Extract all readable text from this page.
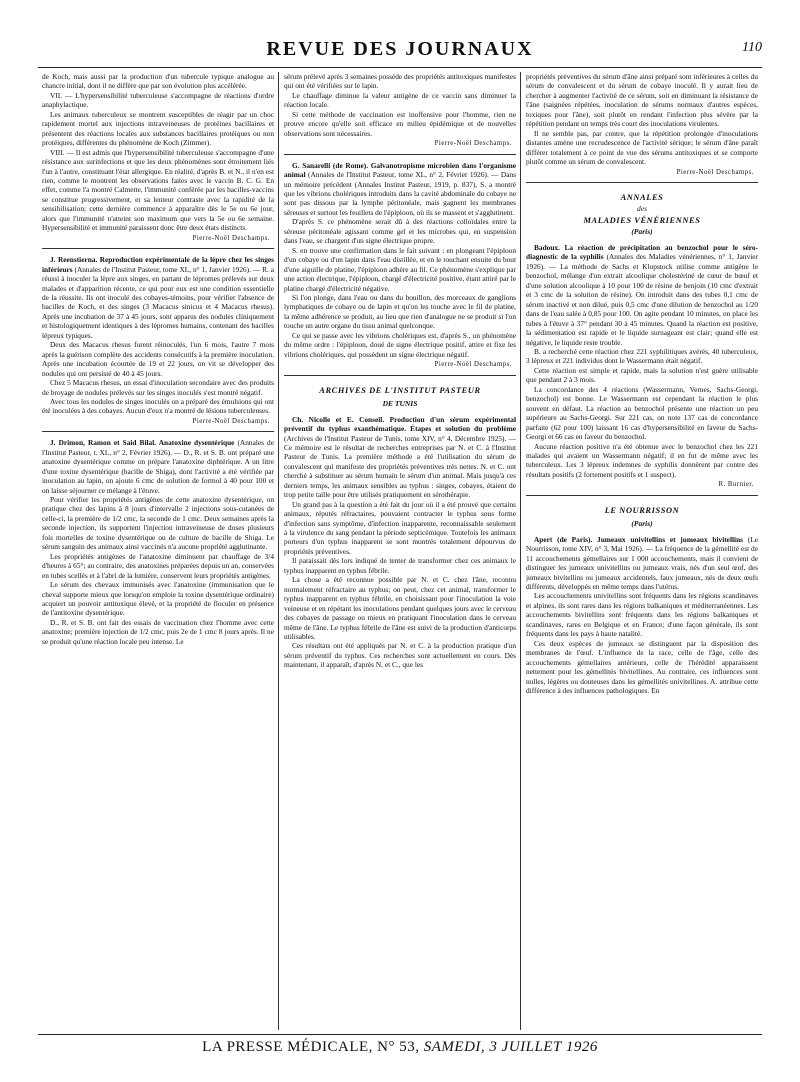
REVUE DES JOURNAUX	110

de Koch, mais aussi par la production d'un tubercule typique analogue au chancre initial, dont il ne diffère que par son évolution plus accélérée.

VII. — L'hypersensibilité tuberculeuse s'accompagne de réactions d'ordre anaphylactique.

Les animaux tuberculeux se montrent susceptibles de réagir par un choc rapidement mortel aux injections intraveineuses de protéines bacillaires et présentent des réactions locales aux substances bacillaires protéiques ou non protéiques, différentes du phénomène de Koch (Zimmer).

VIII. — Il est admis que l'hypersensibilité tuberculeuse s'accompagne d'une résistance aux surinfections et que les deux phénomènes sont étroitement liés l'un à l'autre, constituant l'état allergique. En réalité, d'après B. et N., il n'en est rien, comme le montrent les observations faites avec le vaccin B. C. G. En effet, comme l'a montré Calmette, l'immunité conférée par les bacilles-vaccins se constitue progressivement, et sa lenteur contraste avec la rapidité de la sensibilisation; cette dernière commence à apparaître dès le 5e ou 6e jour, alors que l'immunité n'atteint son maximum que vers la 5e ou 6e semaine. Hypersensibilité et immunité paraissent donc être deux états distincts.

Pierre-Noël Deschamps.

J. Reenstierna. Reproduction expérimentale de la lèpre chez les singes inférieurs (Annales de l'Institut Pasteur, tome XL, n° 1, Janvier 1926). — R. a réussi à inoculer la lèpre aux singes, en partant de lépromes prélevés sur deux malades et d'apparition récente, ce qui pour eux est une condition essentielle de la réussite. Ils ont inoculé des cobayes-témoins, pour vérifier l'absence de bacilles de Koch, et des singes (3 Macacus sinicus et 4 Macacus rhesus). Après une incubation de 37 à 45 jours, sont apparus des nodules cliniquement et histologiquement identiques à des lépromes humains, contenant des bacilles lépreux typiques.

Deux des Macacus rhesus furent réinoculés, l'un 6 mois, l'autre 7 mois après la guérison complète des accidents consécutifs à la première inoculation. Après une incubation écourtée de 19 et 22 jours, on vit se développer des nodules qui ont persisté de 40 à 45 jours.

Chez 5 Macacus rhesus, un essai d'inoculation secondaire avec des produits de broyage de nodules prélevés sur les singes inoculés s'est montré négatif.

Avec tous les nodules de singes inoculés on a préparé des émulsions qui ont été inoculées à des cobayes. Aucun d'eux n'a montré de lésions tuberculeuses.

Pierre-Noël Deschamps.

J. Drimon, Ramon et Said Bilal. Anatoxine dysentérique (Annales de l'Institut Pasteur, t. XL, n° 2, Février 1926). — D., R. et S. B. ont préparé une anatoxine dysentérique comme on prépare l'anatoxine diphtérique. A un litre d'une toxine dysentérique (bacille de Shiga), dont l'activité a été vérifiée par inoculation au lapin, on ajoute 6 cmc de solution de formol à 40 pour 100 et on laisse séjourner ce mélange à l'étuve.

Pour vérifier les propriétés antigènes de cette anatoxine dysentérique, on pratique chez des lapins à 8 jours d'intervalle 2 injections sous-cutanées de celle-ci, la première de 1/2 cmc, la seconde de 1 cmc. Deux semaines après la seconde injection, ils supportent l'injection intraveineuse de doses plusieurs fois mortelles de toxine dysentérique ou de culture de bacille de Shiga. Le sérum sanguin des animaux ainsi vaccinés n'a aucune propriété agglutinante.

Les propriétés antigènes de l'anatoxine diminuent par chauffage de 3/4 d'heures à 65°; au contraire, des anatoxines préparées depuis un an, conservées en tubes scellés et à l'abri de la lumière, conservent leurs propriétés antigènes.

Le sérum des chevaux immunisés avec l'anatoxine (immunisation que le cheval supporte mieux que lorsqu'on emploie la toxine dysentérique ordinaire) acquiert un pouvoir antitoxique élevé, et la propriété de floculer en présence de l'antitoxine dysentérique.

D., R. et S. B. ont fait des essais de vaccination chez l'homme avec cette anatoxine; première injection de 1/2 cmc, puis 2e de 1 cmc 8 jours après. Il ne se produit qu'une réaction locale peu intense. Le

sérum prélevé après 3 semaines possède des propriétés antitoxiques manifestes qui ont été vérifiées sur le lapin.

Le chauffage diminue la valeur antigène de ce vaccin sans diminuer la réaction locale.

Si cette méthode de vaccination est inoffensive pour l'homme, rien ne prouve encore qu'elle soit efficace en milieu épidémique et de nouvelles observations sont nécessaires.

Pierre-Noël Deschamps.

G. Sanarelli (de Rome). Galvanotropisme microbien dans l'organisme animal (Annales de l'Institut Pasteur, tome XL, n° 2, Février 1926). — Dans un mémoire précédent (Annales Institut Pasteur, 1919, p. 837), S. a montré que les vibrions cholériques introduits dans la cavité abdominale du cobaye ne sont pas dissous par la lymphe péritonéale, mais gagnent les membranes séreuses et surtout les feuillets de l'épiploon, où ils se massent et s'agglutinent.

D'après S. ce phénomène serait dû à des réactions colloïdales entre la séreuse péritonéale agissant comme gel et les microbes qui, en suspension dans l'eau, se chargent d'un signe électrique propre.

S. en trouve une confirmation dans le fait suivant : en plongeant l'épiploon d'un cobaye ou d'un lapin dans l'eau distillée, et en le touchant ensuite du bout d'une aiguille de platine, l'épiploon adhère au fil. Ce phénomène s'explique par une action électrique, l'épiploon, chargé d'électricité positive, étant attiré par le platine chargé d'électricité négative.

Si l'on plonge, dans l'eau ou dans du bouillon, des morceaux de ganglions lymphatiques de cobaye ou de lapin et qu'on les touche avec le fil de platine, la même adhérence se produit, au lieu que rien d'analogue ne se produit si l'on touche un autre organe du tissu animal quelconque.

Ce qui se passe avec les vibrions cholériques est, d'après S., un phénomène du même ordre : l'épiploon, doué de signe électrique positif, attire et fixe les vibrions cholériques, qui possèdent un signe électrique négatif.

Pierre-Noël Deschamps.

ARCHIVES DE L'INSTITUT PASTEUR
DE TUNIS

Ch. Nicolle et E. Conseil. Production d'un sérum expérimental préventif du typhus exanthématique. Étapes et solution du problème (Archives de l'Institut Pasteur de Tunis, tome XIV, n° 4, Décembre 1925). — Ce mémoire est le résultat de recherches entreprises par N. et C. à l'Institut Pasteur de Tunis. La première méthode a été l'utilisation du sérum de convalescent qui manifeste des propriétés préventives très nettes. N. et C. ont cherché à substituer au sérum humain le sérum d'un animal. Mais jusqu'à ces derniers temps, les animaux sensibles au typhus : singes, cobayes, étaient de trop petite taille pour être utilisés pratiquement en sérothérapie.

Un grand pas à la question a été fait du jour où il a été prouvé que certains animaux, réputés réfractaires, pouvaient contracter le typhus sous forme d'infection sans symptôme, d'infection inapparente, reconnaissable seulement à la virulence du sang pendant la période septicémique. Toutefois les animaux porteurs d'un typhus inapparent se sont montrés totalement dépourvus de propriétés préventives.

Il paraissait dès lors indiqué de tenter de transformer chez ces animaux le typhus inapparent en typhus fébrile.

La chose a été reconnue possible par N. et C. chez l'âne, reconnu normalement réfractaire au typhus; on peut, chez cet animal, transformer le typhus inapparent en typhus fébrile, en choisissant pour l'inoculation la voie veineuse et en répétant les inoculations pendant quelques jours avec le cerveau des cobayes de passage ou mieux en pratiquant l'inoculation dans le cerveau même de l'âne. Le typhus fébrile de l'âne est suivi de la production d'anticorps utilisables.

Ces résultats ont été appliqués par N. et C. à la production pratique d'un sérum préventif du typhus. Ces recherches sont actuellement en cours. Dès maintenant, il apparaît, d'après N. et C., que les

propriétés préventives du sérum d'âne ainsi préparé sont inférieures à celles du sérum de convalescent et du sérum de cobaye inoculé. Il y aurait lieu de chercher à augmenter l'activité de ce sérum, soit en diminuant la résistance de l'âne (saignées répétées, inoculation de sérums normaux d'autres espèces, toxiques pour l'âne), soit plutôt en rendant l'infection plus sévère par la répétition pendant un temps très court des inoculations virulentes.

Il ne semble pas, par contre, que la répétition prolongée d'inoculations distantes amène une recrudescence de l'activité sérique; le sérum d'âne paraît différer totalement à ce point de vue des sérums antitoxiques et se comporte plutôt comme un sérum de convalescent.

Pierre-Noël Deschamps.

ANNALES
des
MALADIES VÉNÉRIENNES
(Paris)

Badoux. La réaction de précipitation au benzochol pour le séro-diagnostic de la syphilis (Annales des Maladies vénériennes, n° 1, Janvier 1926). — La méthode de Sachs et Klopstock utilise comme antigène le benzochol, mélange d'un extrait alcoolique cholestériné de cœur de bœuf et d'une solution alcoolique à 10 pour 100 de résine de benjoin (10 cmc d'extrait et 3 cmc de la solution de résine). On introduit dans des tubes 0,1 cmc de sérum inactivé et non dilué, puis 0,5 cmc d'une dilution de benzochol au 1/20 dans de l'eau salée à 0,85 pour 100. On agite pendant 10 minutes, on place les tubes à l'étuve à 37° pendant 30 à 45 minutes. Quand la réaction est positive, la sédimentation est rapide et le liquide surnageant est clair; quand elle est négative, le liquide reste trouble.

B. a recherché cette réaction chez 221 syphilitiques avérés, 40 tuberculeux, 3 lépreux et 221 individus dont le Wassermann était négatif.

Cette réaction est simple et rapide, mais la solution n'est guère utilisable que pendant 2 à 3 mois.

La concordance des 4 réactions (Wassermann, Vernes, Sachs-Georgi, benzochol) est bonne. Le Wassermann est cependant la réaction le plus souvent en défaut. La réaction au benzochol présente une réaction un peu supérieure au Sachs-Georgi. Sur 221 cas, on note 137 cas de concordance parfaite (62 pour 100) laissant 16 cas d'hypersensibilité en faveur du Sachs-Georgi et 66 cas en faveur du benzochol.

Aucune réaction positive n'a été obtenue avec le benzochol chez les 221 malades qui avaient un Wassermann négatif; il en fut de même avec les tuberculeux. Les 3 lépreux indemnes de syphilis donnèrent par contre des résultats positifs (2 fortement positifs et 1 suspect).

R. Burnier.

LE NOURRISSON
(Paris)

Apert (de Paris). Jumeaux univitellins et jumeaux bivitellins (Le Nourrisson, tome XIV, n° 3, Mai 1926). — La fréquence de la gémellité est de 11 accouchements gémellaires sur 1 000 accouchements, mais il convient de distinguer les jumeaux univitellins ou jumeaux vrais, nés d'un seul œuf, des jumeaux bivitellins ou jumeaux accidentels, faux jumeaux, nés de deux œufs différents, développés en même temps dans l'utérus.

Les accouchements univitellins sont fréquents dans les régions scandinaves et alpines, ils sont rares dans les régions balkaniques et méditerranéennes. Les accouchements bivitellins sont fréquents dans les régions balkaniques et scandinaves, rares en Belgique et en France; d'une façon générale, ils sont fréquents dans les pays à haute natalité.

Ces deux espèces de jumeaux se distinguent par la disposition des membranes de l'œuf. L'influence de la race, celle de l'âge, celle des accouchements gémellaires antérieurs, celle de l'hérédité apparaissent nettement pour les gémellités bivitellines. Au contraire, ces influences sont nulles, légères ou douteuses dans les gémellités univitellines. A. attribue cette différence à des influences pathologiques. En

LA PRESSE MÉDICALE, N° 53, SAMEDI, 3 JUILLET 1926
